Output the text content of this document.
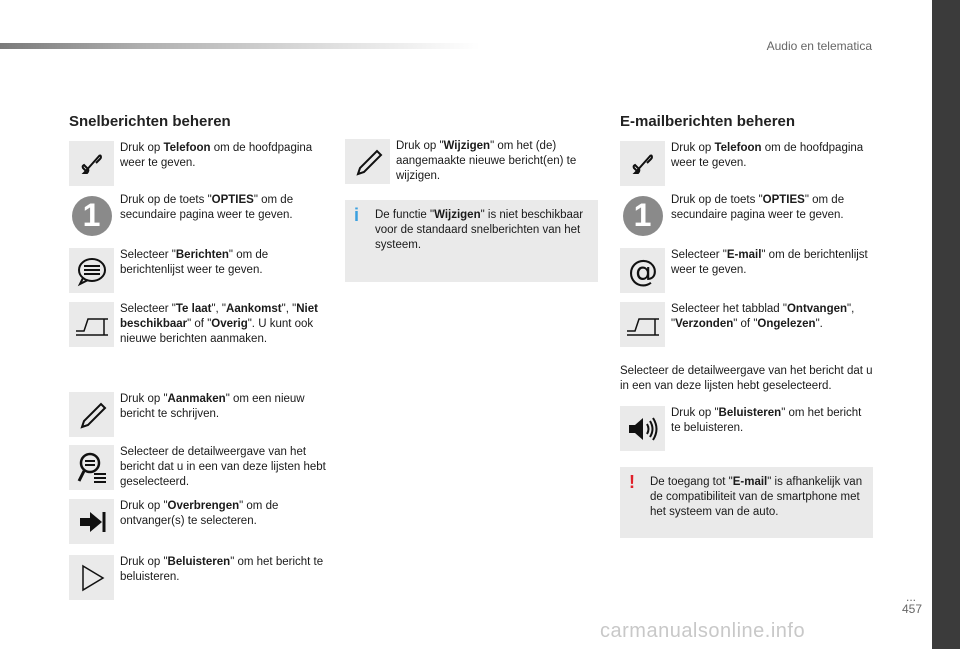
Audio en telematica
...
457
carmanualsonline.info
Snelberichten beheren
Druk op Telefoon om de hoofdpagina weer te geven.
1 Druk op de toets "OPTIES" om de secundaire pagina weer te geven.
Selecteer "Berichten" om de berichtenlijst weer te geven.
Selecteer "Te laat", "Aankomst", "Niet beschikbaar" of "Overig". U kunt ook nieuwe berichten aanmaken.
Druk op "Aanmaken" om een nieuw bericht te schrijven.
Selecteer de detailweergave van het bericht dat u in een van deze lijsten hebt geselecteerd.
Druk op "Overbrengen" om de ontvanger(s) te selecteren.
Druk op "Beluisteren" om het bericht te beluisteren.
Druk op "Wijzigen" om het (de) aangemaakte nieuwe bericht(en) te wijzigen.
i De functie "Wijzigen" is niet beschikbaar voor de standaard snelberichten van het systeem.
E-mailberichten beheren
Druk op Telefoon om de hoofdpagina weer te geven.
1 Druk op de toets "OPTIES" om de secundaire pagina weer te geven.
@ Selecteer "E-mail" om de berichtenlijst weer te geven.
Selecteer het tabblad "Ontvangen", "Verzonden" of "Ongelezen".
Selecteer de detailweergave van het bericht dat u in een van deze lijsten hebt geselecteerd.
Druk op "Beluisteren" om het bericht te beluisteren.
! De toegang tot "E-mail" is afhankelijk van de compatibiliteit van de smartphone met het systeem van de auto.
